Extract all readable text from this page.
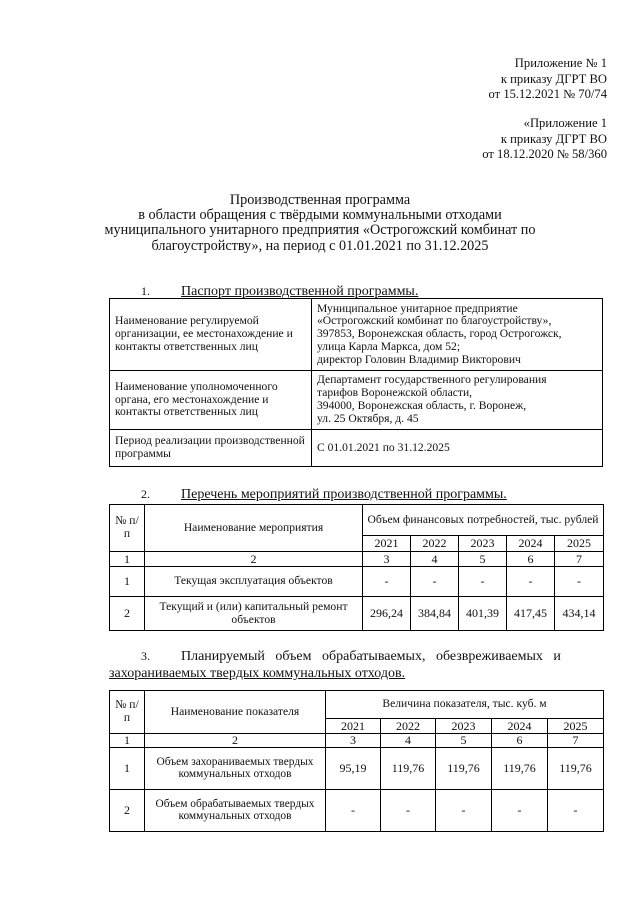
Приложение № 1
к приказу ДГРТ ВО
от 15.12.2021 № 70/74
«Приложение 1
к приказу ДГРТ ВО
от 18.12.2020 № 58/360
Производственная программа
в области обращения с твёрдыми коммунальными отходами
муниципального унитарного предприятия «Острогожский комбинат по
благоустройству», на период с 01.01.2021 по 31.12.2025
1. Паспорт производственной программы.
Наименование регулируемой организации, ее местонахождение и контакты ответственных лиц	Муниципальное унитарное предприятие
«Острогожский комбинат по благоустройству»,
397853, Воронежская область, город Острогожск,
улица Карла Маркса, дом 52;
директор Головин Владимир Викторович

Наименование уполномоченного органа, его местонахождение и контакты ответственных лиц	Департамент государственного регулирования
тарифов Воронежской области,
394000, Воронежская область, г. Воронеж,
ул. 25 Октября, д. 45

Период реализации производственной программы	С 01.01.2021 по 31.12.2025
2. Перечень мероприятий производственной программы.
№ п/п	Наименование мероприятия	Объем финансовых потребностей, тыс. рублей				
		2021	2022	2023	2024	2025
1	2	3	4	5	6	7
1	Текущая эксплуатация объектов	-	-	-	-	-
2	Текущий и (или) капитальный ремонт объектов	296,24	384,84	401,39	417,45	434,14
3. Планируемый   объем   обрабатываемых,   обезвреживаемых   и
захораниваемых твердых коммунальных отходов.
№ п/п	Наименование показателя	Величина показателя, тыс. куб. м				
		2021	2022	2023	2024	2025
1	2	3	4	5	6	7
1	Объем захораниваемых твердых коммунальных отходов	95,19	119,76	119,76	119,76	119,76
2	Объем обрабатываемых твердых коммунальных отходов	-	-	-	-	-
